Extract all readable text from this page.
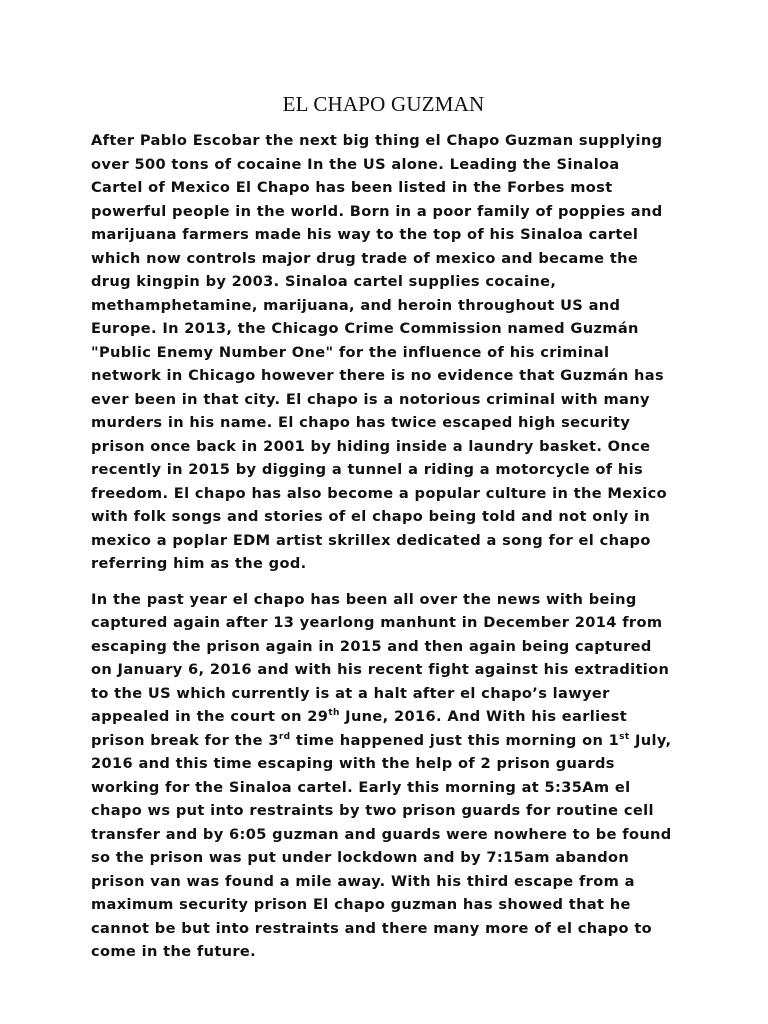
EL CHAPO GUZMAN

After Pablo Escobar the next big thing el Chapo Guzman supplying over 500 tons of cocaine In the US alone. Leading the Sinaloa Cartel of Mexico El Chapo has been listed in the Forbes most powerful people in the world. Born in a poor family of poppies and marijuana farmers made his way to the top of his Sinaloa cartel which now controls major drug trade of mexico and became the drug kingpin by 2003. Sinaloa cartel supplies cocaine, methamphetamine, marijuana, and heroin throughout US and Europe. In 2013, the Chicago Crime Commission named Guzmán "Public Enemy Number One" for the influence of his criminal network in Chicago however there is no evidence that Guzmán has ever been in that city. El chapo is a notorious criminal with many murders in his name. El chapo has twice escaped high security prison once back in 2001 by hiding inside a laundry basket. Once recently in 2015 by digging a tunnel a riding a motorcycle of his freedom. El chapo has also become a popular culture in the Mexico with folk songs and stories of el chapo being told and not only in mexico a poplar EDM artist skrillex dedicated a song for el chapo referring him as the god.

In the past year el chapo has been all over the news with being captured again after 13 yearlong manhunt in December 2014 from escaping the prison again in 2015 and then again being captured on January 6, 2016 and with his recent fight against his extradition to the US which currently is at a halt after el chapo’s lawyer appealed in the court on 29th June, 2016. And With his earliest prison break for the 3rd time happened just this morning on 1st July, 2016 and this time escaping with the help of 2 prison guards working for the Sinaloa cartel. Early this morning at 5:35Am el chapo ws put into restraints by two prison guards for routine cell transfer and by 6:05 guzman and guards were nowhere to be found so the prison was put under lockdown and by 7:15am abandon prison van was found a mile away. With his third escape from a maximum security prison El chapo guzman has showed that he cannot be but into restraints and there many more of el chapo to come in the future.
